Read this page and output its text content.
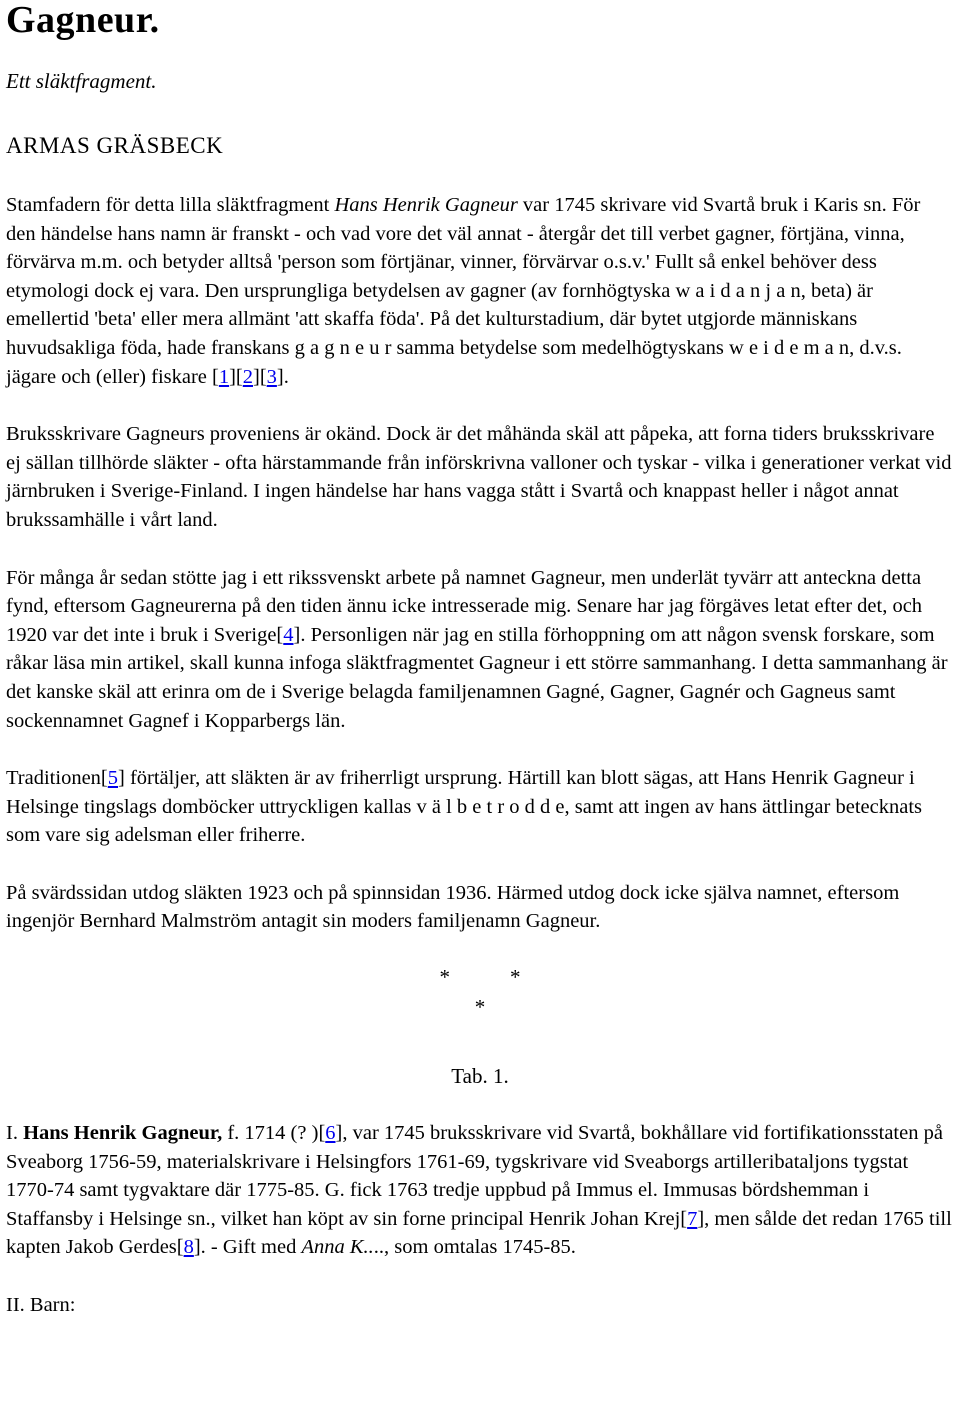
Gagneur.
Ett släktfragment.
ARMAS GRÄSBECK

Stamfadern för detta lilla släktfragment Hans Henrik Gagneur var 1745 skrivare vid Svartå bruk i Karis sn. För den händelse hans namn är franskt - och vad vore det väl annat - återgår det till verbet gagner, förtjäna, vinna, förvärva m.m. och betyder alltså 'person som förtjänar, vinner, förvärvar o.s.v.' Fullt så enkel behöver dess etymologi dock ej vara. Den ursprungliga betydelsen av gagner (av fornhögtyska w a i d a n j a n, beta) är emellertid 'beta' eller mera allmänt 'att skaffa föda'. På det kulturstadium, där bytet utgjorde människans huvudsakliga föda, hade franskans g a g n e u r samma betydelse som medelhögtyskans w e i d e m a n, d.v.s. jägare och (eller) fiskare [1][2][3].

Bruksskrivare Gagneurs proveniens är okänd. Dock är det måhända skäl att påpeka, att forna tiders bruksskrivare ej sällan tillhörde släkter - ofta härstammande från införskrivna valloner och tyskar - vilka i generationer verkat vid järnbruken i Sverige-Finland. I ingen händelse har hans vagga stått i Svartå och knappast heller i något annat brukssamhälle i vårt land.

För många år sedan stötte jag i ett rikssvenskt arbete på namnet Gagneur, men underlät tyvärr att anteckna detta fynd, eftersom Gagneurerna på den tiden ännu icke intresserade mig. Senare har jag förgäves letat efter det, och 1920 var det inte i bruk i Sverige[4]. Personligen när jag en stilla förhoppning om att någon svensk forskare, som råkar läsa min artikel, skall kunna infoga släktfragmentet Gagneur i ett större sammanhang. I detta sammanhang är det kanske skäl att erinra om de i Sverige belagda familjenamnen Gagné, Gagner, Gagnér och Gagneus samt sockennamnet Gagnef i Kopparbergs län.

Traditionen[5] förtäljer, att släkten är av friherrligt ursprung. Härtill kan blott sägas, att Hans Henrik Gagneur i Helsinge tingslags domböcker uttryckligen kallas v ä l b e t r o d d e, samt att ingen av hans ättlingar betecknats som vare sig adelsman eller friherre.

På svärdssidan utdog släkten 1923 och på spinnsidan 1936. Härmed utdog dock icke själva namnet, eftersom ingenjör Bernhard Malmström antagit sin moders familjenamn Gagneur.

*	*
*
Tab. 1.

I. Hans Henrik Gagneur, f. 1714 (? )[6], var 1745 bruksskrivare vid Svartå, bokhållare vid fortifikationsstaten på Sveaborg 1756-59, materialskrivare i Helsingfors 1761-69, tygskrivare vid Sveaborgs artilleribataljons tygstat 1770-74 samt tygvaktare där 1775-85. G. fick 1763 tredje uppbud på Immus el. Immusas bördshemman i Staffansby i Helsinge sn., vilket han köpt av sin forne principal Henrik Johan Krej[7], men sålde det redan 1765 till kapten Jakob Gerdes[8]. - Gift med Anna K...., som omtalas 1745-85.

II. Barn:
